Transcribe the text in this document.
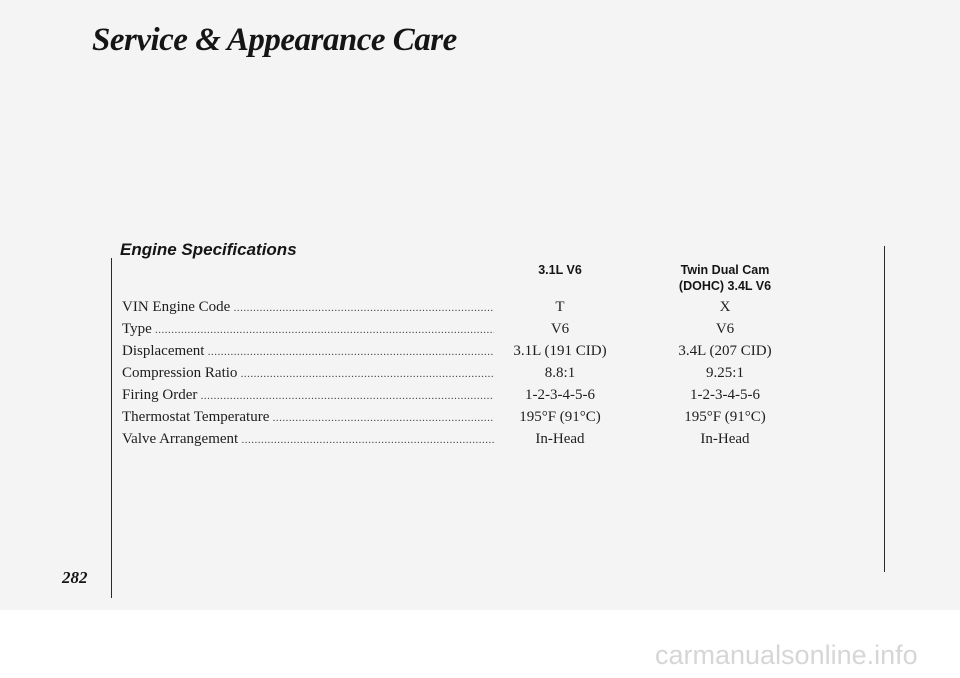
Service & Appearance Care
Engine Specifications
3.1L V6	Twin Dual Cam
(DOHC) 3.4L V6
VIN Engine Code .....	T	X
Type .....	V6	V6
Displacement .....	3.1L (191 CID)	3.4L (207 CID)
Compression Ratio .....	8.8:1	9.25:1
Firing Order .....	1-2-3-4-5-6	1-2-3-4-5-6
Thermostat Temperature .....	195°F (91°C)	195°F (91°C)
Valve Arrangement .....	In-Head	In-Head
282
carmanualsonline.info
